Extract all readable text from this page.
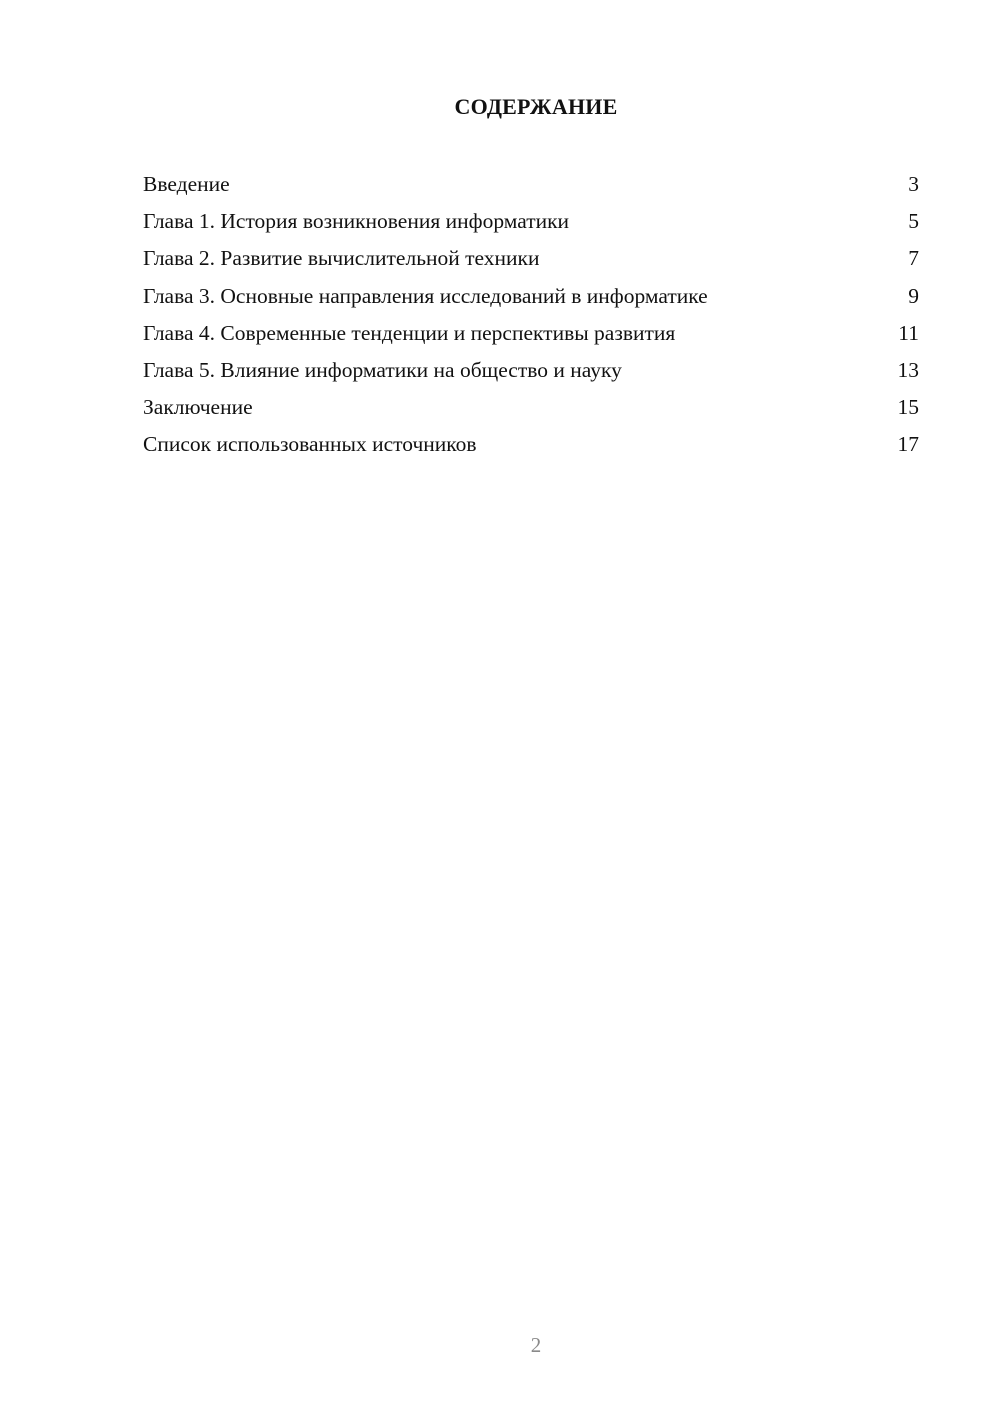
СОДЕРЖАНИЕ
Введение	3
Глава 1. История возникновения информатики	5
Глава 2. Развитие вычислительной техники	7
Глава 3. Основные направления исследований в информатике	9
Глава 4. Современные тенденции и перспективы развития	11
Глава 5. Влияние информатики на общество и науку	13
Заключение	15
Список использованных источников	17
2
